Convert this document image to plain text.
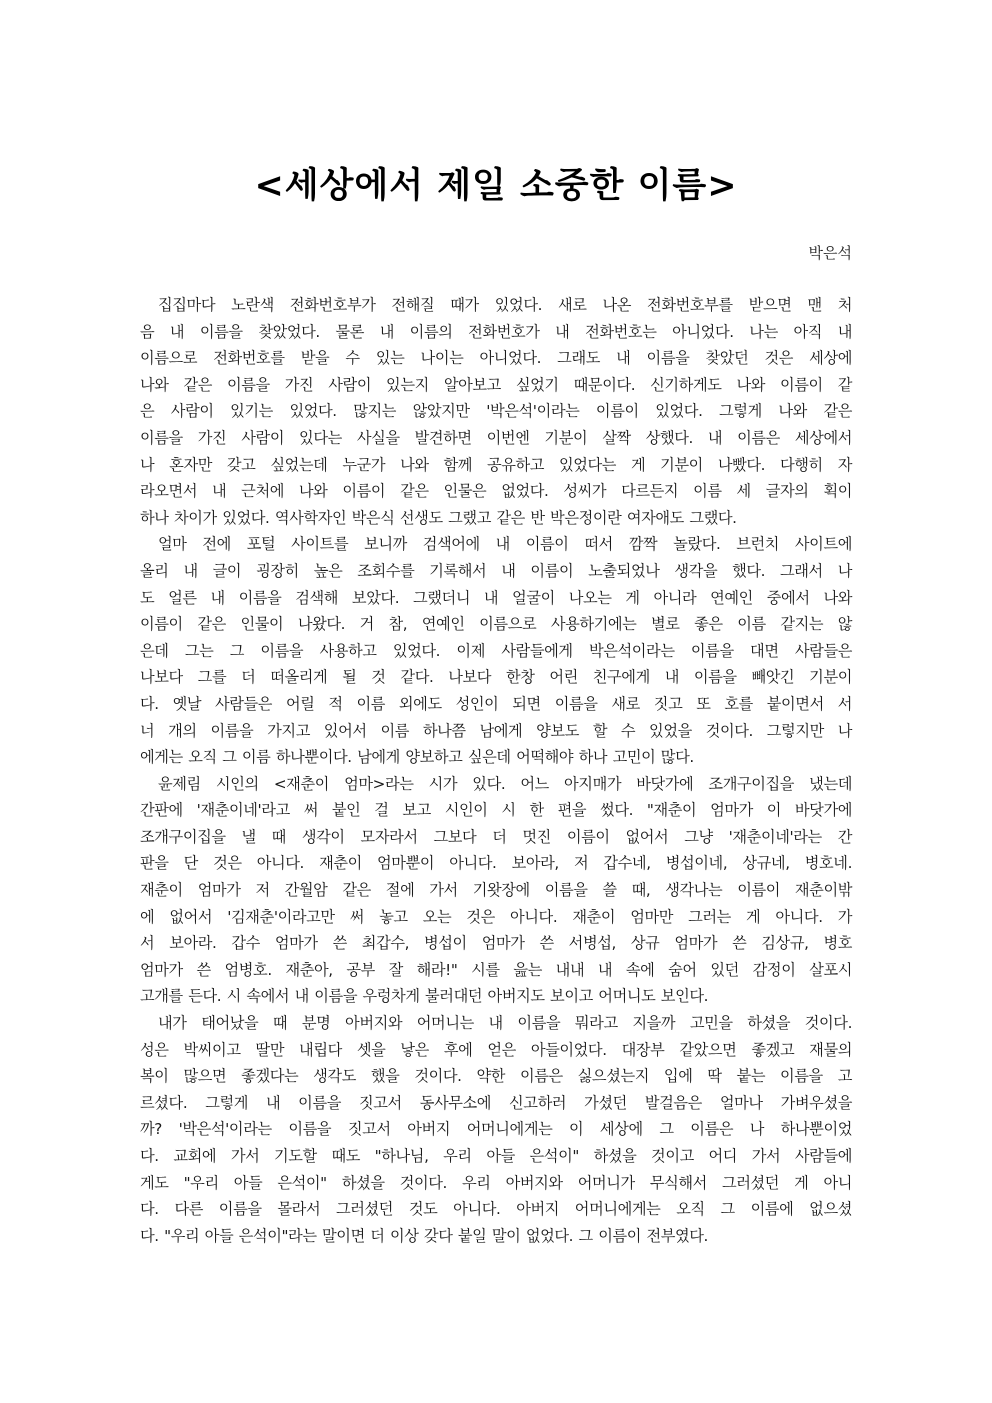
<세상에서 제일 소중한 이름>
박은석
집집마다 노란색 전화번호부가 전해질 때가 있었다. 새로 나온 전화번호부를 받으면 맨 처
음 내 이름을 찾았었다. 물론 내 이름의 전화번호가 내 전화번호는 아니었다. 나는 아직 내
이름으로 전화번호를 받을 수 있는 나이는 아니었다. 그래도 내 이름을 찾았던 것은 세상에
나와 같은 이름을 가진 사람이 있는지 알아보고 싶었기 때문이다. 신기하게도 나와 이름이 같
은 사람이 있기는 있었다. 많지는 않았지만 '박은석'이라는 이름이 있었다. 그렇게 나와 같은
이름을 가진 사람이 있다는 사실을 발견하면 이번엔 기분이 살짝 상했다. 내 이름은 세상에서
나 혼자만 갖고 싶었는데 누군가 나와 함께 공유하고 있었다는 게 기분이 나빴다. 다행히 자
라오면서 내 근처에 나와 이름이 같은 인물은 없었다. 성씨가 다르든지 이름 세 글자의 획이
하나 차이가 있었다. 역사학자인 박은식 선생도 그랬고 같은 반 박은정이란 여자애도 그랬다.
얼마 전에 포털 사이트를 보니까 검색어에 내 이름이 떠서 깜짝 놀랐다. 브런치 사이트에
올리 내 글이 굉장히 높은 조회수를 기록해서 내 이름이 노출되었나 생각을 했다. 그래서 나
도 얼른 내 이름을 검색해 보았다. 그랬더니 내 얼굴이 나오는 게 아니라 연예인 중에서 나와
이름이 같은 인물이 나왔다. 거 참, 연예인 이름으로 사용하기에는 별로 좋은 이름 같지는 않
은데 그는 그 이름을 사용하고 있었다. 이제 사람들에게 박은석이라는 이름을 대면 사람들은
나보다 그를 더 떠올리게 될 것 같다. 나보다 한창 어린 친구에게 내 이름을 빼앗긴 기분이
다. 옛날 사람들은 어릴 적 이름 외에도 성인이 되면 이름을 새로 짓고 또 호를 붙이면서 서
너 개의 이름을 가지고 있어서 이름 하나쯤 남에게 양보도 할 수 있었을 것이다. 그렇지만 나
에게는 오직 그 이름 하나뿐이다. 남에게 양보하고 싶은데 어떡해야 하나 고민이 많다.
윤제림 시인의 <재춘이 엄마>라는 시가 있다. 어느 아지매가 바닷가에 조개구이집을 냈는데
간판에 '재춘이네'라고 써 붙인 걸 보고 시인이 시 한 편을 썼다. "재춘이 엄마가 이 바닷가에
조개구이집을 낼 때 생각이 모자라서 그보다 더 멋진 이름이 없어서 그냥 '재춘이네'라는 간
판을 단 것은 아니다. 재춘이 엄마뿐이 아니다. 보아라, 저 갑수네, 병섭이네, 상규네, 병호네.
재춘이 엄마가 저 간월암 같은 절에 가서 기왓장에 이름을 쓸 때, 생각나는 이름이 재춘이밖
에 없어서 '김재춘'이라고만 써 놓고 오는 것은 아니다. 재춘이 엄마만 그러는 게 아니다. 가
서 보아라. 갑수 엄마가 쓴 최갑수, 병섭이 엄마가 쓴 서병섭, 상규 엄마가 쓴 김상규, 병호
엄마가 쓴 엄병호. 재춘아, 공부 잘 해라!" 시를 읊는 내내 내 속에 숨어 있던 감정이 살포시
고개를 든다. 시 속에서 내 이름을 우렁차게 불러대던 아버지도 보이고 어머니도 보인다.
내가 태어났을 때 분명 아버지와 어머니는 내 이름을 뭐라고 지을까 고민을 하셨을 것이다.
성은 박씨이고 딸만 내립다 셋을 낳은 후에 얻은 아들이었다. 대장부 같았으면 좋겠고 재물의
복이 많으면 좋겠다는 생각도 했을 것이다. 약한 이름은 싫으셨는지 입에 딱 붙는 이름을 고
르셨다. 그렇게 내 이름을 짓고서 동사무소에 신고하러 가셨던 발걸음은 얼마나 가벼우셨을
까? '박은석'이라는 이름을 짓고서 아버지 어머니에게는 이 세상에 그 이름은 나 하나뿐이었
다. 교회에 가서 기도할 때도 "하나님, 우리 아들 은석이" 하셨을 것이고 어디 가서 사람들에
게도 "우리 아들 은석이" 하셨을 것이다. 우리 아버지와 어머니가 무식해서 그러셨던 게 아니
다. 다른 이름을 몰라서 그러셨던 것도 아니다. 아버지 어머니에게는 오직 그 이름에 없으셨
다. "우리 아들 은석이"라는 말이면 더 이상 갖다 붙일 말이 없었다. 그 이름이 전부였다.
